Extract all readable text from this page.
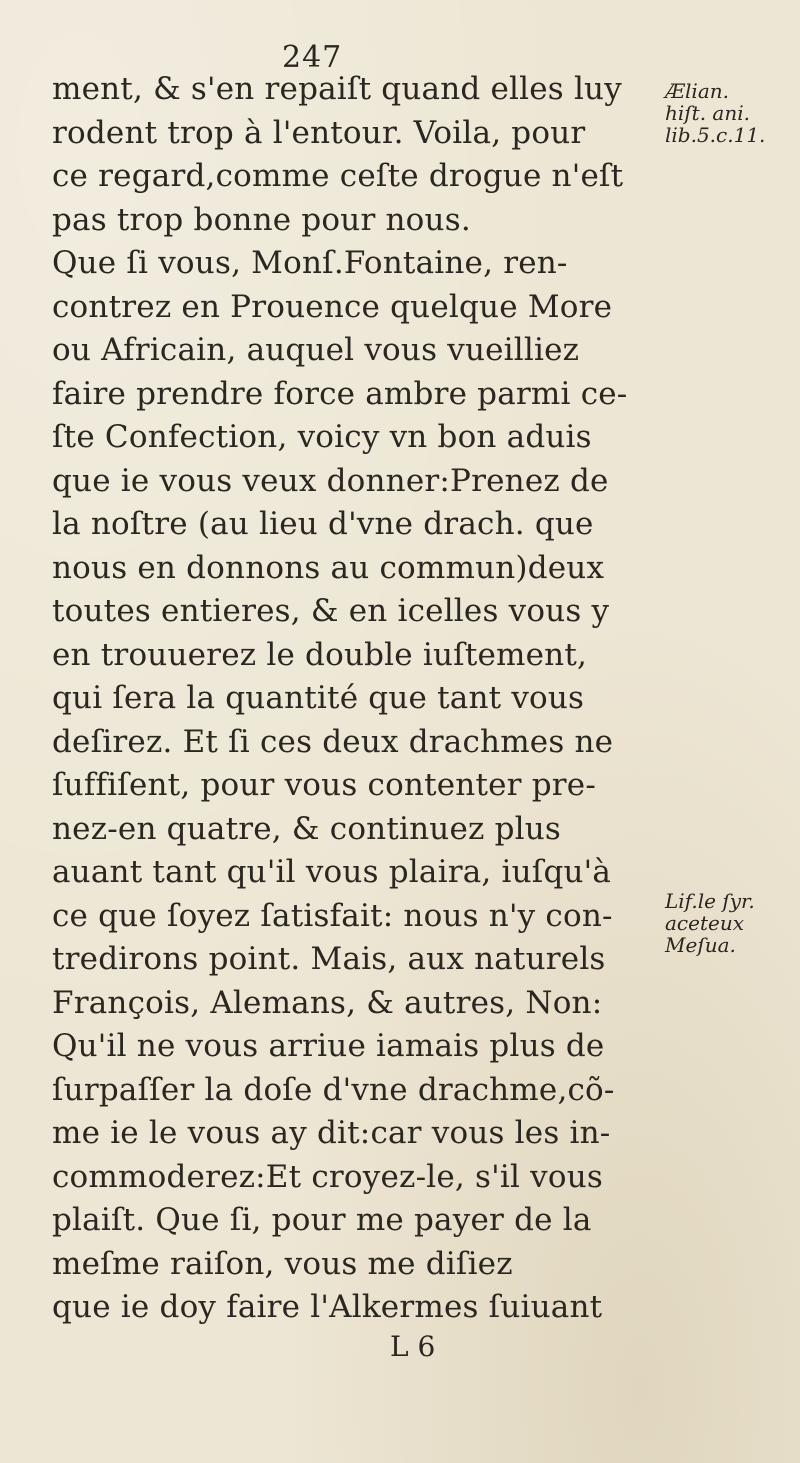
247
ment, & s'en repaiſt quand elles luy
rodent trop à l'entour. Voila, pour
ce regard,comme ceſte drogue n'eſt
pas trop bonne pour nous.
Que ſi vous, Monſ.Fontaine, ren-
contrez en Prouence quelque More
ou Africain, auquel vous vueilliez
faire prendre force ambre parmi ce-
ſte Confection, voicy vn bon aduis
que ie vous veux donner:Prenez de
la noſtre (au lieu d'vne drach. que
nous en donnons au commun)deux
toutes entieres, & en icelles vous y
en trouuerez le double iuſtement,
qui ſera la quantité que tant vous
deſirez. Et ſi ces deux drachmes ne
ſuffiſent, pour vous contenter pre-
nez-en quatre, & continuez plus
auant tant qu'il vous plaira, iuſqu'à
ce que ſoyez ſatisfait: nous n'y con-
tredirons point. Mais, aux naturels
François, Alemans, & autres, Non:
Qu'il ne vous arriue iamais plus de
ſurpaſſer la doſe d'vne drachme,cõ-
me ie le vous ay dit:car vous les in-
commoderez:Et croyez-le, s'il vous
plaiſt. Que ſi, pour me payer de la
meſme raiſon, vous me diſiez
que ie doy faire l'Alkermes ſuiuant
Ælian.
hiſt. ani.
lib.5.c.11.
Lif.le ſyr.
aceteux
Meſua.
L 6
